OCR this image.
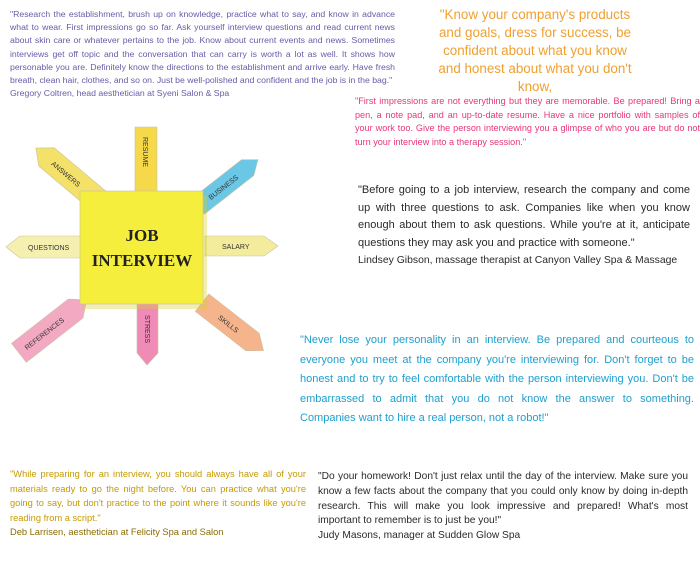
"Research the establishment, brush up on knowledge, practice what to say, and know in advance what to wear. First impressions go so far. Ask yourself interview questions and read current news about skin care or whatever pertains to the job. Know about current events and news. Sometimes interviews get off topic and the conversation that can carry is worth a lot as well. It shows how personable you are. Definitely know the directions to the establishment and arrive early. Have fresh breath, clean hair, clothes, and so on. Just be well-polished and confident and the job is in the bag."
Gregory Coltren, head aesthetician at Syeni Salon & Spa

"Know your company's products and goals, dress for success, be confident about what you know and honest about what you don't know,

"First impressions are not everything but they are memorable. Be prepared! Bring a pen, a note pad, and an up-to-date resume. Have a nice portfolio with samples of your work too. Give the person interviewing you a glimpse of who you are but do not turn your interview into a therapy session."

"Before going to a job interview, research the company and come up with three questions to ask. Companies like when you know enough about them to ask questions. While you're at it, anticipate questions they may ask you and practice with someone."
Lindsey Gibson, massage therapist at Canyon Valley Spa & Massage

"Never lose your personality in an interview. Be prepared and courteous to everyone you meet at the company you're interviewing for. Don't forget to be honest and to try to feel comfortable with the person interviewing you. Don't be embarrassed to admit that you do not know the answer to something. Companies want to hire a real person, not a robot!"

"While preparing for an interview, you should always have all of your materials ready to go the night before. You can practice what you're going to say, but don't practice to the point where it sounds like you're reading from a script."
Deb Larrisen, aesthetician at Felicity Spa and Salon

"Do your homework! Don't just relax until the day of the interview. Make sure you know a few facts about the company that you could only know by doing in-depth research. This will make you look impressive and prepared! What's most important to remember is to just be you!"
Judy Masons, manager at Sudden Glow Spa

RESUME
BUSINESS
SALARY
SKILLS
STRESS
REFERENCES
QUESTIONS
ANSWERS
JOB
INTERVIEW
